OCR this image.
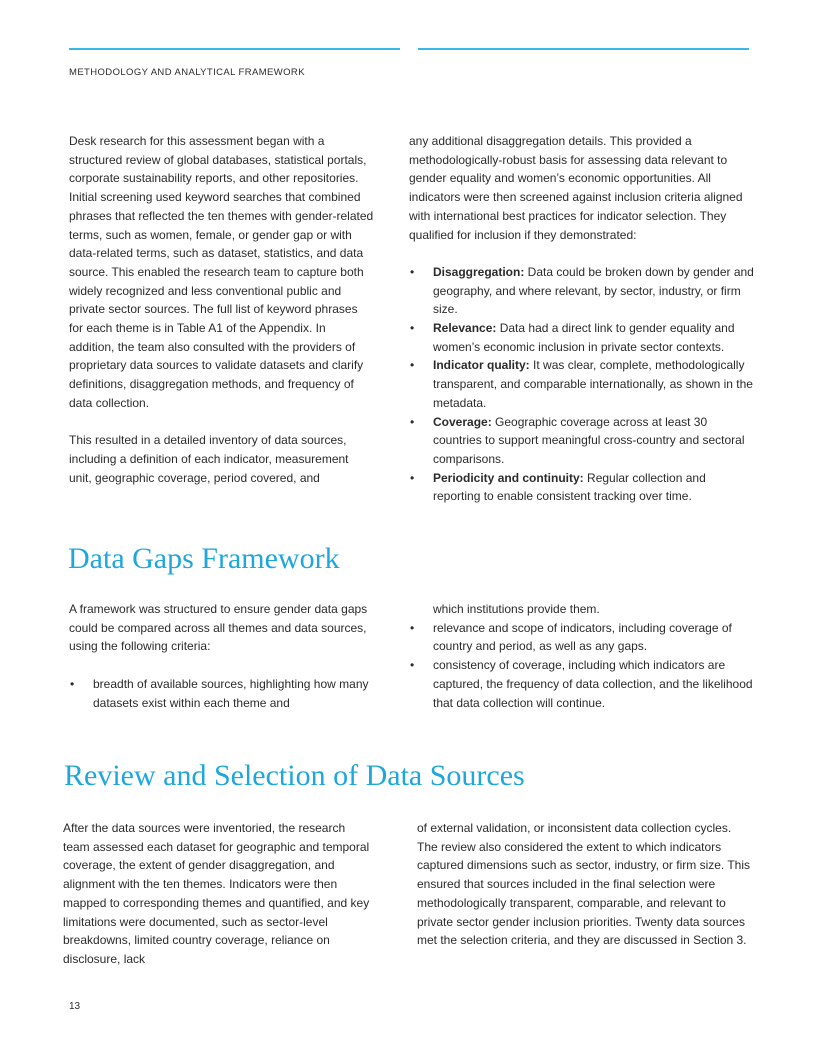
METHODOLOGY AND ANALYTICAL FRAMEWORK

Desk research for this assessment began with a structured review of global databases, statistical portals, corporate sustainability reports, and other repositories. Initial screening used keyword searches that combined phrases that reflected the ten themes with gender-related terms, such as women, female, or gender gap or with data-related terms, such as dataset, statistics, and data source. This enabled the research team to capture both widely recognized and less conventional public and private sector sources. The full list of keyword phrases for each theme is in Table A1 of the Appendix. In addition, the team also consulted with the providers of proprietary data sources to validate datasets and clarify definitions, disaggregation methods, and frequency of data collection.

This resulted in a detailed inventory of data sources, including a definition of each indicator, measurement unit, geographic coverage, period covered, and

any additional disaggregation details. This provided a methodologically-robust basis for assessing data relevant to gender equality and women’s economic opportunities. All indicators were then screened against inclusion criteria aligned with international best practices for indicator selection. They qualified for inclusion if they demonstrated:

• Disaggregation: Data could be broken down by gender and geography, and where relevant, by sector, industry, or firm size.
• Relevance: Data had a direct link to gender equality and women’s economic inclusion in private sector contexts.
• Indicator quality: It was clear, complete, methodologically transparent, and comparable internationally, as shown in the metadata.
• Coverage: Geographic coverage across at least 30 countries to support meaningful cross-country and sectoral comparisons.
• Periodicity and continuity: Regular collection and reporting to enable consistent tracking over time.
Data Gaps Framework

A framework was structured to ensure gender data gaps could be compared across all themes and data sources, using the following criteria:

• breadth of available sources, highlighting how many datasets exist within each theme and
which institutions provide them.
• relevance and scope of indicators, including coverage of country and period, as well as any gaps.
• consistency of coverage, including which indicators are captured, the frequency of data collection, and the likelihood that data collection will continue.
Review and Selection of Data Sources

After the data sources were inventoried, the research team assessed each dataset for geographic and temporal coverage, the extent of gender disaggregation, and alignment with the ten themes. Indicators were then mapped to corresponding themes and quantified, and key limitations were documented, such as sector-level breakdowns, limited country coverage, reliance on disclosure, lack

of external validation, or inconsistent data collection cycles. The review also considered the extent to which indicators captured dimensions such as sector, industry, or firm size. This ensured that sources included in the final selection were methodologically transparent, comparable, and relevant to private sector gender inclusion priorities. Twenty data sources met the selection criteria, and they are discussed in Section 3.

13
